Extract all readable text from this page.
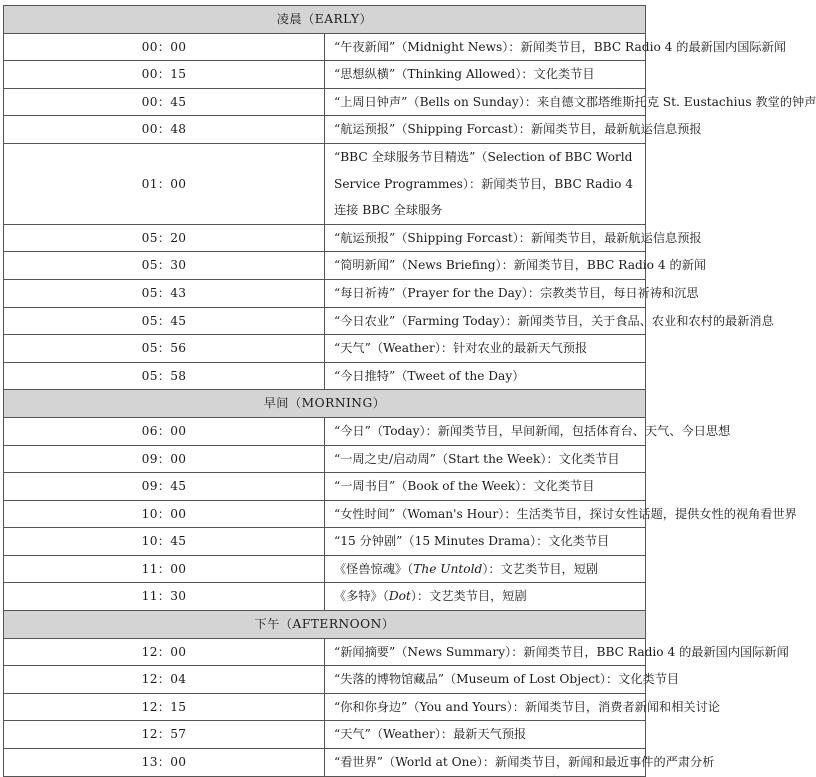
凌晨（EARLY）	
00：00	“午夜新闻”（Midnight News）：新闻类节目，BBC Radio 4 的最新国内国际新闻
00：15	“思想纵横”（Thinking Allowed）：文化类节目
00：45	“上周日钟声”（Bells on Sunday）：来自德文郡塔维斯托克 St. Eustachius 教堂的钟声
00：48	“航运预报”（Shipping Forcast）：新闻类节目，最新航运信息预报
01：00	“BBC 全球服务节目精选”（Selection of BBC World Service Programmes）：新闻类节目，BBC Radio 4 连接 BBC 全球服务
05：20	“航运预报”（Shipping Forcast）：新闻类节目，最新航运信息预报
05：30	“简明新闻”（News Briefing）：新闻类节目，BBC Radio 4 的新闻
05：43	“每日祈祷”（Prayer for the Day）：宗教类节目，每日祈祷和沉思
05：45	“今日农业”（Farming Today）：新闻类节目，关于食品、农业和农村的最新消息
05：56	“天气”（Weather）：针对农业的最新天气预报
05：58	“今日推特”（Tweet of the Day）
早间（MORNING）	
06：00	“今日”（Today）：新闻类节目，早间新闻，包括体育台、天气、今日思想
09：00	“一周之史/启动周”（Start the Week）：文化类节目
09：45	“一周书目”（Book of the Week）：文化类节目
10：00	“女性时间”（Woman's Hour）：生活类节目，探讨女性话题，提供女性的视角看世界
10：45	“15 分钟剧”（15 Minutes Drama）：文化类节目
11：00	《怪兽惊魂》（The Untold）：文艺类节目，短剧
11：30	《多特》（Dot）：文艺类节目，短剧
下午（AFTERNOON）	
12：00	“新闻摘要”（News Summary）：新闻类节目，BBC Radio 4 的最新国内国际新闻
12：04	“失落的博物馆藏品”（Museum of Lost Object）：文化类节目
12：15	“你和你身边”（You and Yours）：新闻类节目，消费者新闻和相关讨论
12：57	“天气”（Weather）：最新天气预报
13：00	“看世界”（World at One）：新闻类节目，新闻和最近事件的严肃分析
